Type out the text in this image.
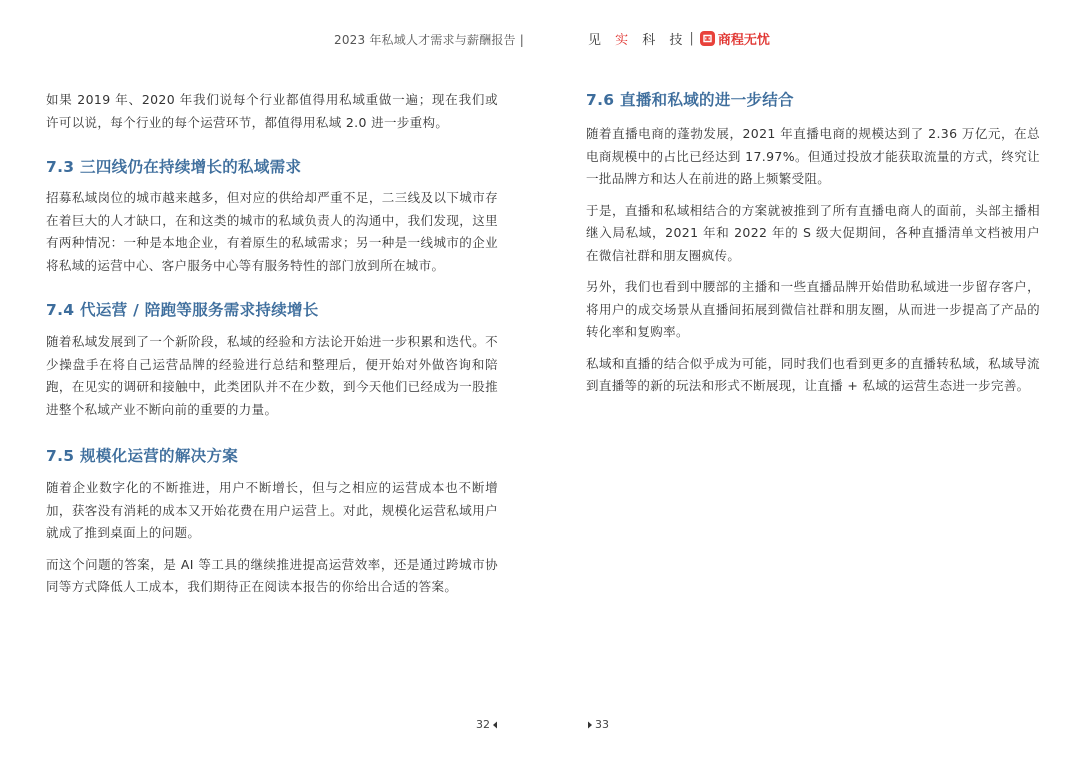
2023 年私域人才需求与薪酬报告 |	见 实 科 技 | 商程无忧

如果 2019 年、2020 年我们说每个行业都值得用私域重做一遍；现在我们或许可以说，每个行业的每个运营环节，都值得用私域 2.0 进一步重构。

7.3 三四线仍在持续增长的私域需求

招募私域岗位的城市越来越多，但对应的供给却严重不足，二三线及以下城市存在着巨大的人才缺口，在和这类的城市的私域负责人的沟通中，我们发现，这里有两种情况：一种是本地企业，有着原生的私域需求；另一种是一线城市的企业将私域的运营中心、客户服务中心等有服务特性的部门放到所在城市。

7.4 代运营 / 陪跑等服务需求持续增长

随着私域发展到了一个新阶段，私域的经验和方法论开始进一步积累和迭代。不少操盘手在将自己运营品牌的经验进行总结和整理后，便开始对外做咨询和陪跑，在见实的调研和接触中，此类团队并不在少数，到今天他们已经成为一股推进整个私域产业不断向前的重要的力量。

7.5 规模化运营的解决方案

随着企业数字化的不断推进，用户不断增长，但与之相应的运营成本也不断增加，获客没有消耗的成本又开始花费在用户运营上。对此，规模化运营私域用户就成了推到桌面上的问题。

而这个问题的答案，是 AI 等工具的继续推进提高运营效率，还是通过跨城市协同等方式降低人工成本，我们期待正在阅读本报告的你给出合适的答案。

7.6 直播和私域的进一步结合

随着直播电商的蓬勃发展，2021 年直播电商的规模达到了 2.36 万亿元，在总电商规模中的占比已经达到 17.97%。但通过投放才能获取流量的方式，终究让一批品牌方和达人在前进的路上频繁受阻。

于是，直播和私域相结合的方案就被推到了所有直播电商人的面前，头部主播相继入局私域，2021 年和 2022 年的 S 级大促期间，各种直播清单文档被用户在微信社群和朋友圈疯传。

另外，我们也看到中腰部的主播和一些直播品牌开始借助私域进一步留存客户，将用户的成交场景从直播间拓展到微信社群和朋友圈，从而进一步提高了产品的转化率和复购率。

私域和直播的结合似乎成为可能，同时我们也看到更多的直播转私域，私域导流到直播等的新的玩法和形式不断展现，让直播 + 私域的运营生态进一步完善。

32	33
